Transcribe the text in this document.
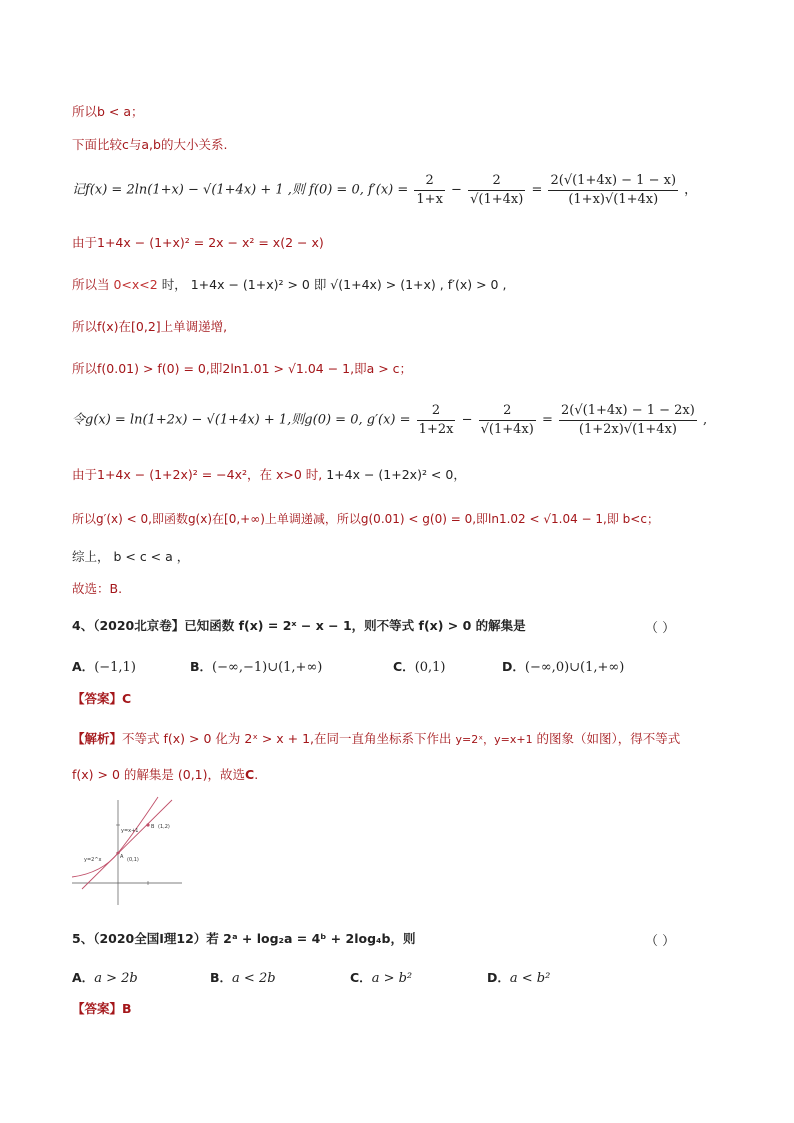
所以b < a；
下面比较c与a,b的大小关系.
记f(x) = 2ln(1+x) − √(1+4x) + 1 ,则 f(0) = 0, $f'(x) = \frac{2}{1+x} - \frac{2}{√(1+4x)} = \frac{2(√(1+4x) - 1 - x)}{(1+x)√(1+4x)}$ ，
由于1+4x − (1+x)² = 2x − x² = x(2 − x)
所以当 0<x<2 时， 1+4x − (1+x)² > 0 即 √(1+4x) > (1+x) , f′(x) > 0 ,
所以f(x)在[0,2]上单调递增,
所以f(0.01) > f(0) = 0,即2ln1.01 > √1.04 − 1,即a > c；
令g(x) = ln(1+2x) − √(1+4x) + 1,则g(0) = 0, $g'(x) = \frac{2}{1+2x} - \frac{2}{√(1+4x)} = \frac{2(√(1+4x) - 1 - 2x)}{(1+2x)√(1+4x)}$ ,
由于1+4x − (1+2x)² = −4x²，在 x>0 时, 1+4x − (1+2x)² < 0，
所以g′(x) < 0,即函数g(x)在[0,+∞)上单调递减，所以g(0.01) < g(0) = 0,即ln1.02 < √1.04 − 1,即 b<c；
综上， b < c < a ，
故选：B.
4、（2020北京卷】已知函数 f(x) = 2ˣ − x − 1，则不等式 f(x) > 0 的解集是	（ ）
A．(−1,1)	B．(−∞,−1)∪(1,+∞)	C．(0,1)	D．(−∞,0)∪(1,+∞)
【答案】C
【解析】不等式 f(x) > 0 化为 2ˣ > x + 1,在同一直角坐标系下作出 y=2ˣ，y=x+1 的图象（如图），得不等式
f(x) > 0 的解集是 (0,1)，故选C.
y=x+1
B (1,2)
y=2^x	A (0,1)
5、（2020全国Ⅰ理12）若 2ᵃ + log₂a = 4ᵇ + 2log₄b，则	（ ）
A．a > 2b	B．a < 2b	C．a > b²	D．a < b²
【答案】B
